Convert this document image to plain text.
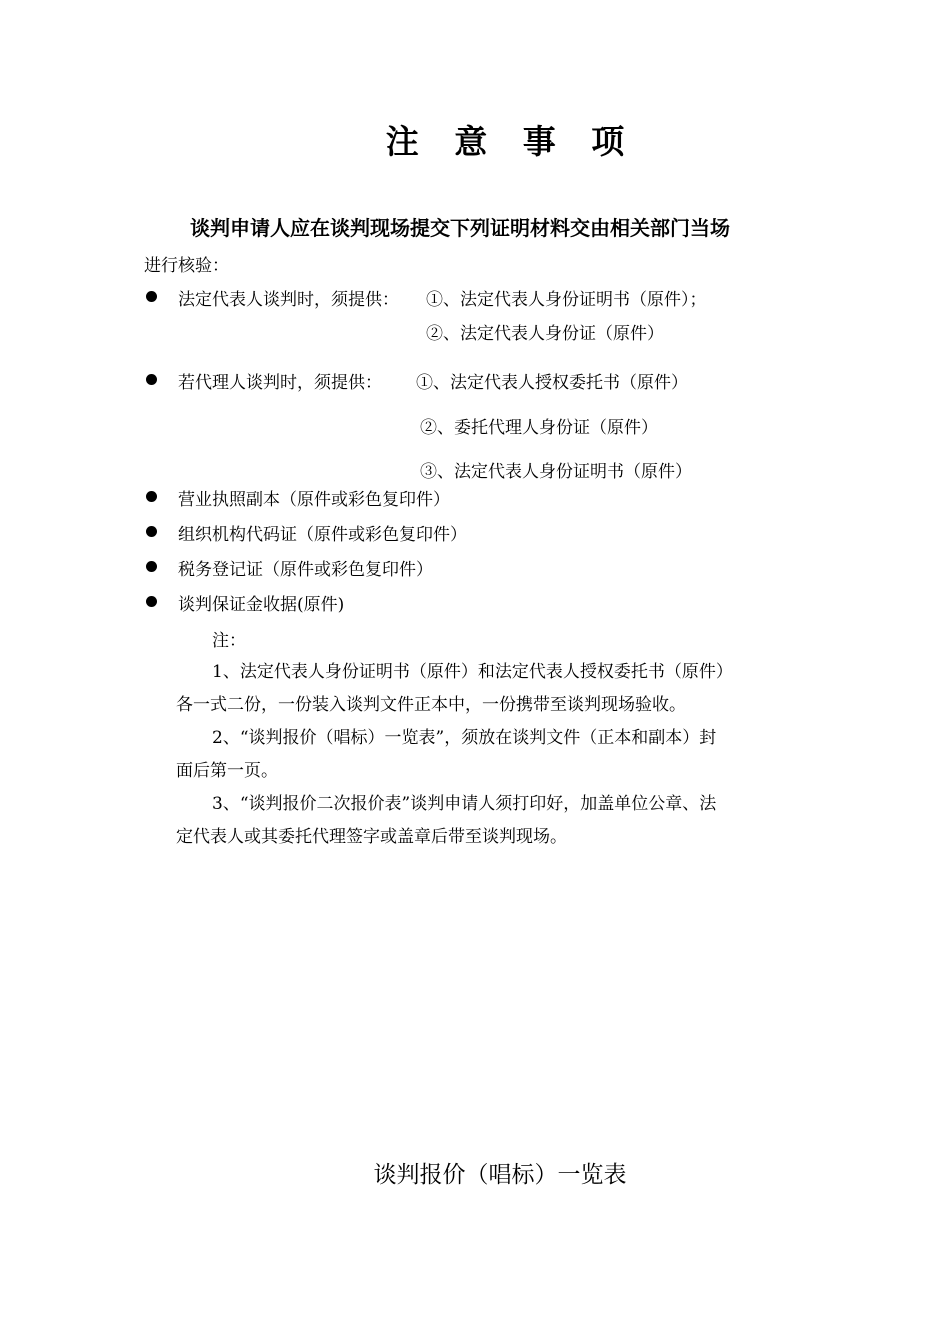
注 意 事 项
谈判申请人应在谈判现场提交下列证明材料交由相关部门当场
进行核验：
法定代表人谈判时，须提供： ①、法定代表人身份证明书（原件）；
②、法定代表人身份证（原件）
若代理人谈判时，须提供： ①、法定代表人授权委托书（原件）
②、委托代理人身份证（原件）
③、法定代表人身份证明书（原件）
营业执照副本（原件或彩色复印件）
组织机构代码证（原件或彩色复印件）
税务登记证（原件或彩色复印件）
谈判保证金收据(原件)
注：
1、法定代表人身份证明书（原件）和法定代表人授权委托书（原件）
各一式二份，一份装入谈判文件正本中，一份携带至谈判现场验收。
2、“谈判报价（唱标）一览表”，须放在谈判文件（正本和副本）封
面后第一页。
3、“谈判报价二次报价表”谈判申请人须打印好，加盖单位公章、法
定代表人或其委托代理签字或盖章后带至谈判现场。
谈判报价（唱标）一览表
